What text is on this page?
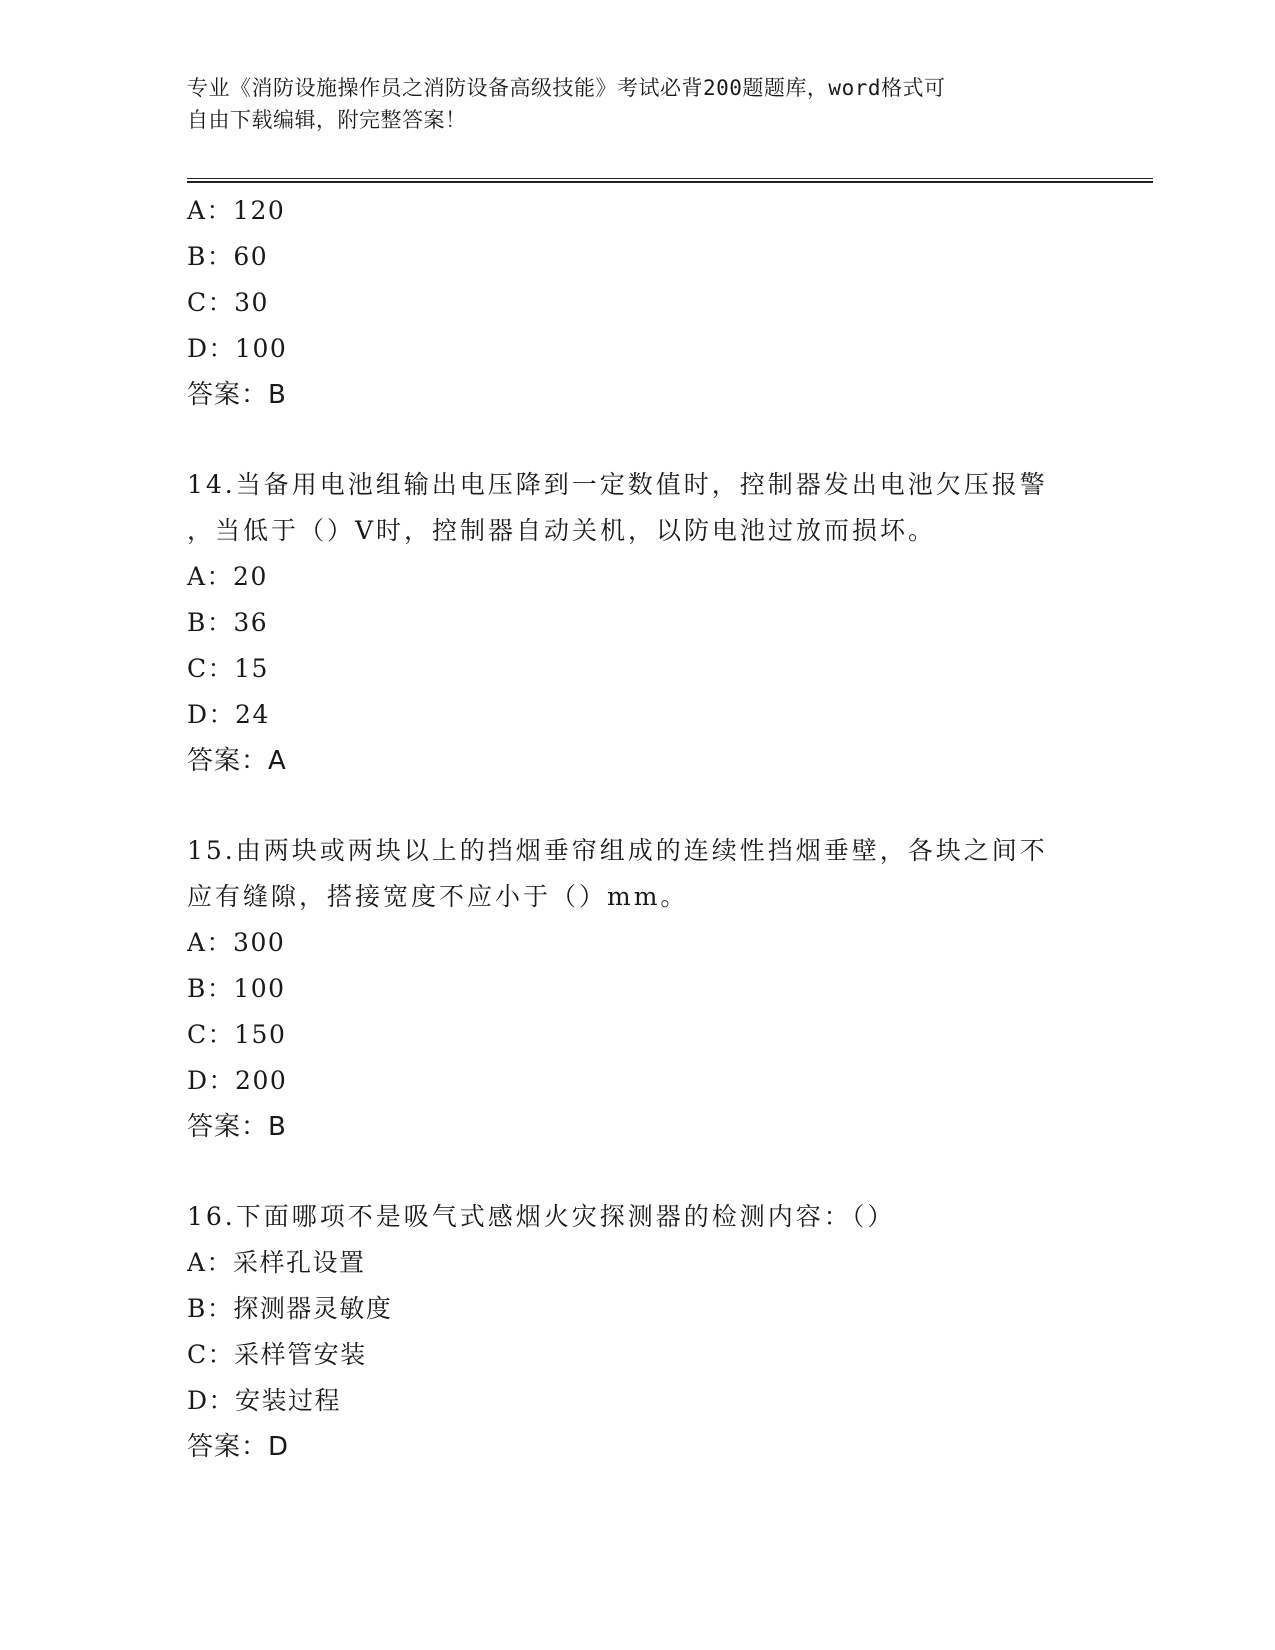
专业《消防设施操作员之消防设备高级技能》考试必背200题题库，word格式可
自由下载编辑，附完整答案！
A：120
B：60
C：30
D：100
答案：B
14.当备用电池组输出电压降到一定数值时，控制器发出电池欠压报警
，当低于（）V时，控制器自动关机，以防电池过放而损坏。
A：20
B：36
C：15
D：24
答案：A
15.由两块或两块以上的挡烟垂帘组成的连续性挡烟垂壁，各块之间不
应有缝隙，搭接宽度不应小于（）mm。
A：300
B：100
C：150
D：200
答案：B
16.下面哪项不是吸气式感烟火灾探测器的检测内容：（）
A：采样孔设置
B：探测器灵敏度
C：采样管安装
D：安装过程
答案：D
